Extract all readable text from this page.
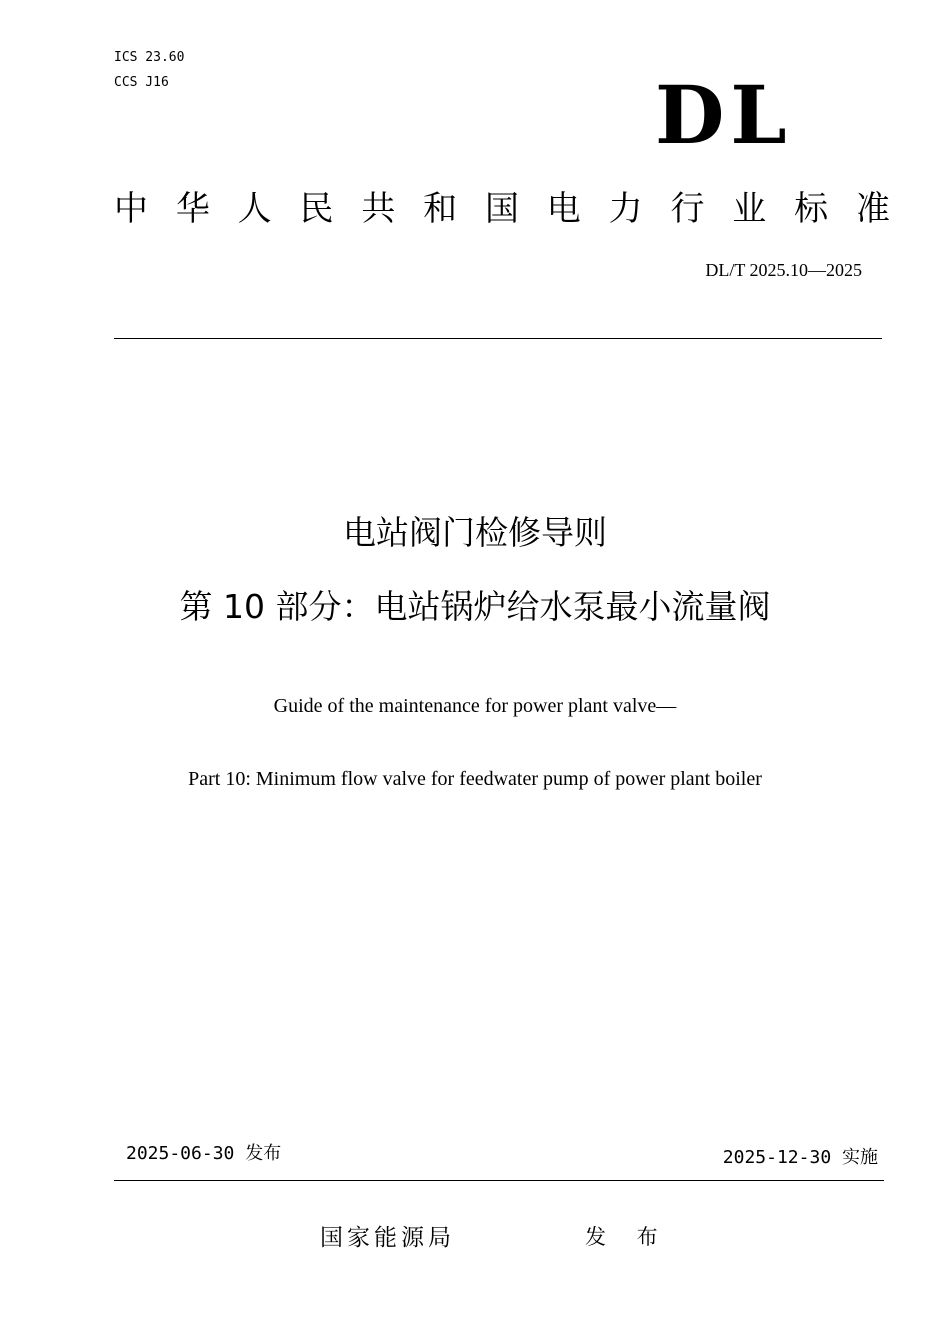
ICS 23.60
CCS J16	DL
中 华 人 民 共 和 国 电 力 行 业 标 准
DL/T 2025.10—2025
电站阀门检修导则
第 10 部分：电站锅炉给水泵最小流量阀
Guide of the maintenance for power plant valve—
Part 10: Minimum flow valve for feedwater pump of power plant boiler
2025-06-30 发布	2025-12-30 实施
国家能源局	发 布
